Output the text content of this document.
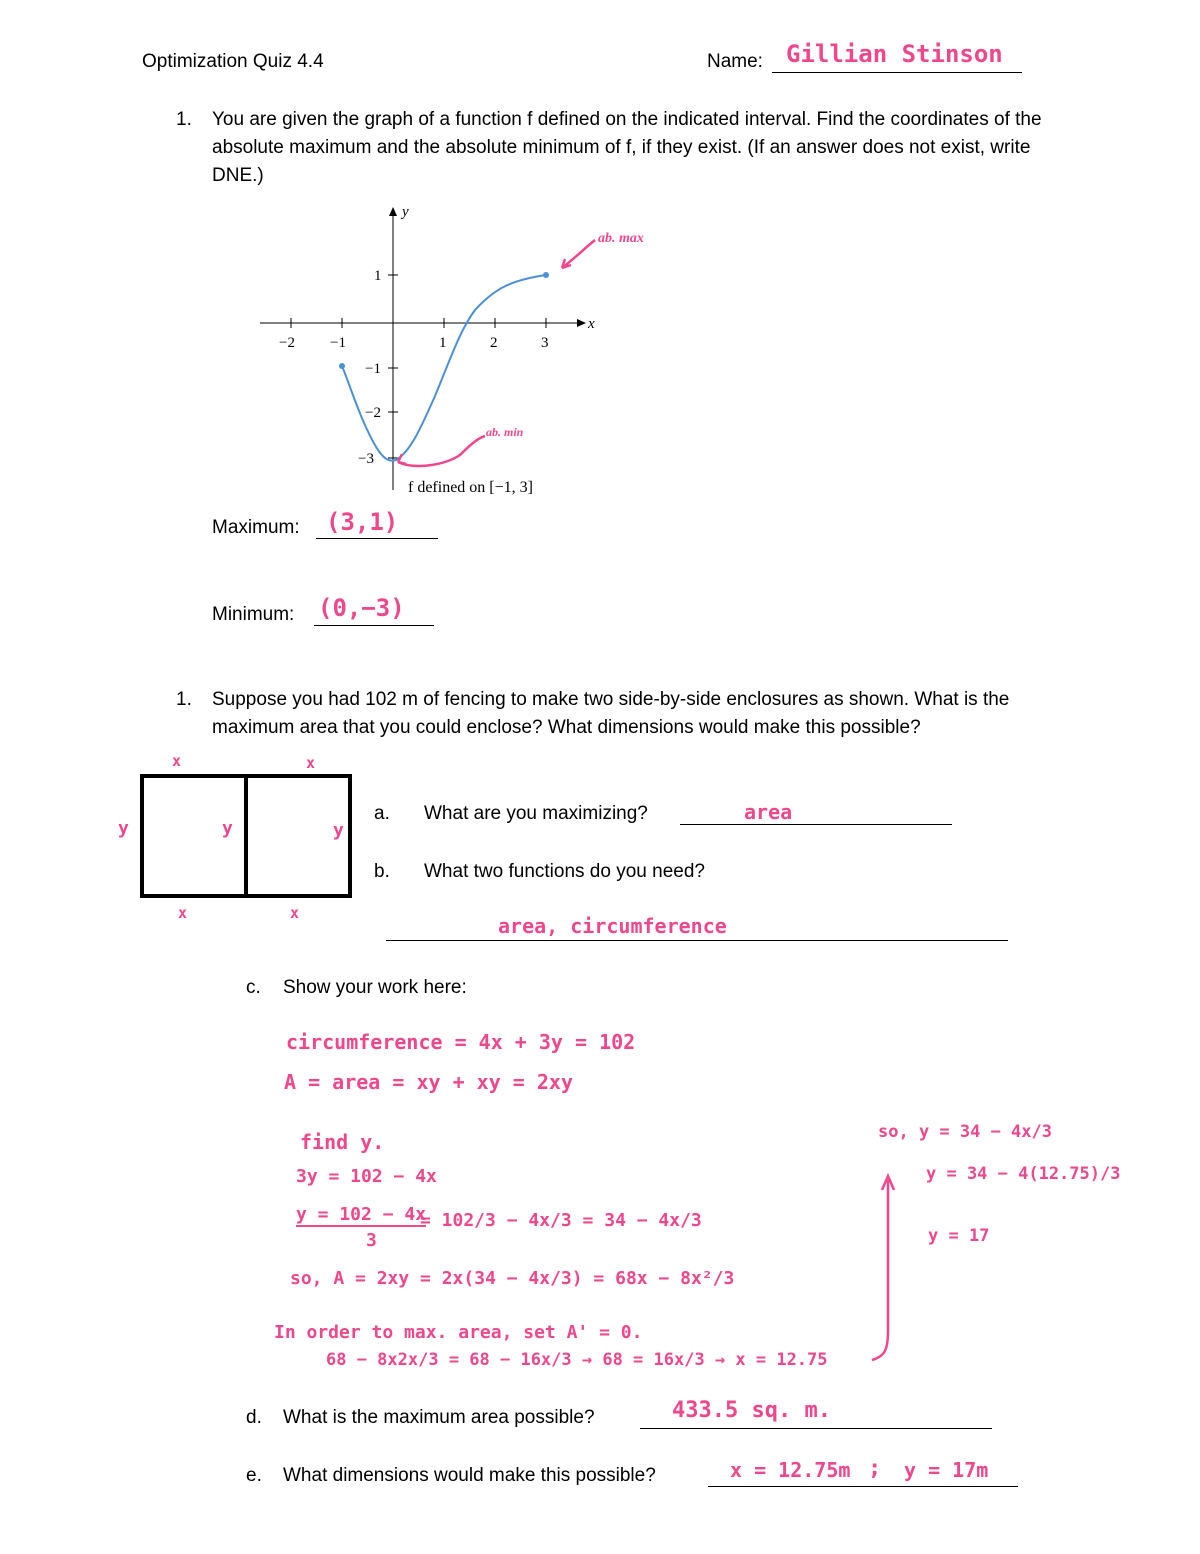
Optimization Quiz 4.4	Name: Gillian Stinson
1. You are given the graph of a function f defined on the indicated interval. Find the coordinates of the absolute maximum and the absolute minimum of f, if they exist. (If an answer does not exist, write DNE.)
y
x
−2 −1	1	2	3
1
−1
−2
−3
f defined on [−1, 3]
ab. max
ab. min
Maximum: (3,1)
Minimum: (0,−3)
1. Suppose you had 102 m of fencing to make two side-by-side enclosures as shown. What is the maximum area that you could enclose? What dimensions would make this possible?
x	x
x	x
y	y	y
a. What are you maximizing?	area
b. What two functions do you need?
area, circumference
c. Show your work here:
circumference = 4x + 3y = 102
A = area = xy + xy = 2xy
find y.
3y = 102 − 4x
y = 102 − 4x
3
= 102/3 − 4x/3 = 34 − 4x/3
so, A = 2xy = 2x(34 − 4x/3) = 68x − 8x²/3
In order to max. area, set A' = 0.
68 − 8x2x/3 = 68 − 16x/3 → 68 = 16x/3 → x = 12.75
so, y = 34 − 4x/3
y = 34 − 4(12.75)/3
y = 17
d. What is the maximum area possible?	433.5 sq. m.
e. What dimensions would make this possible?	x = 12.75m ; y = 17m
